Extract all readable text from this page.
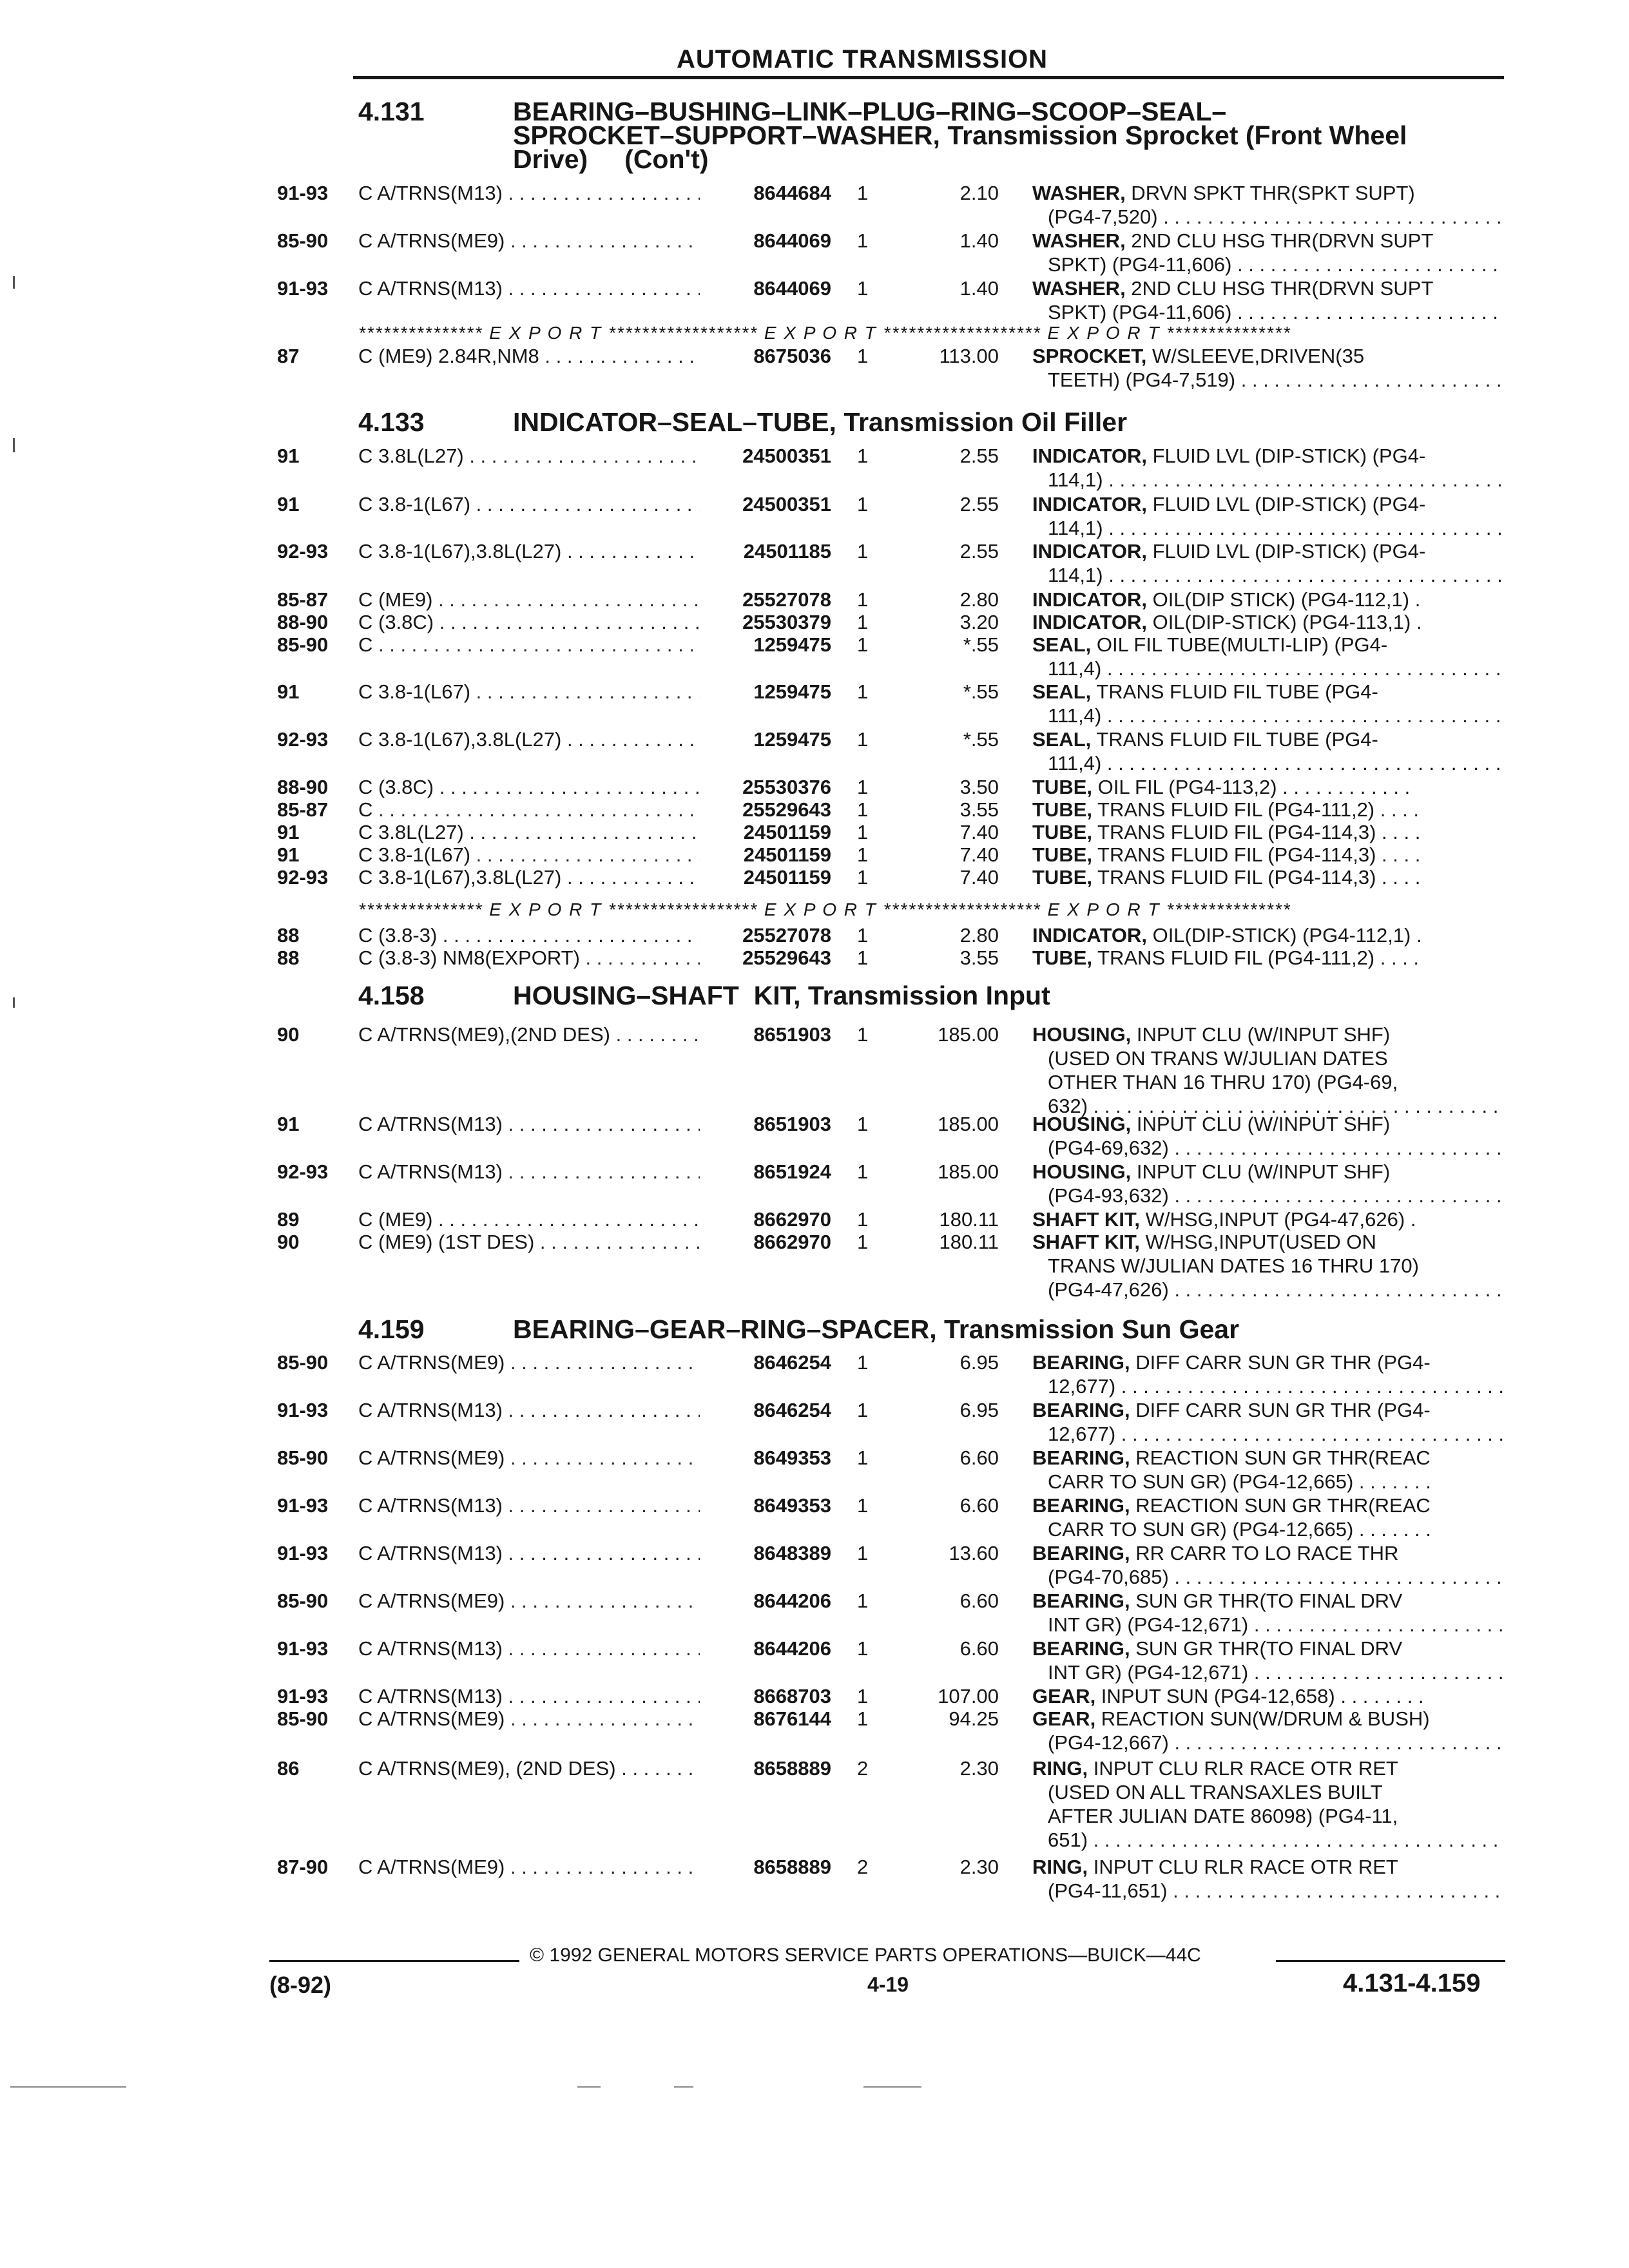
AUTOMATIC TRANSMISSION
4.131	BEARING–BUSHING–LINK–PLUG–RING–SCOOP–SEAL–
SPROCKET–SUPPORT–WASHER, Transmission Sprocket (Front Wheel
Drive)     (Con't)
4.133	INDICATOR–SEAL–TUBE, Transmission Oil Filler
4.158	HOUSING–SHAFT  KIT, Transmission Input
4.159	BEARING–GEAR–RING–SPACER, Transmission Sun Gear
*************** E X P O R T ****************** E X P O R T ******************* E X P O R T ***************
*************** E X P O R T ****************** E X P O R T ******************* E X P O R T ***************
91-93 C A/TRNS(M13) . . .	8644684 1	2.10 WASHER, DRVN SPKT THR(SPKT SUPT)
(PG4-7,520) . . .
85-90 C A/TRNS(ME9) . . .	8644069 1	1.40 WASHER, 2ND CLU HSG THR(DRVN SUPT
SPKT) (PG4-11,606) . . .
91-93 C A/TRNS(M13) . . .	8644069 1	1.40 WASHER, 2ND CLU HSG THR(DRVN SUPT
SPKT) (PG4-11,606) . . .
87	C (ME9) 2.84R,NM8 . . .	8675036 1	113.00 SPROCKET, W/SLEEVE,DRIVEN(35
TEETH) (PG4-7,519) . . .
91	C 3.8L(L27) . . .	24500351 1	2.55 INDICATOR, FLUID LVL (DIP-STICK) (PG4-
114,1) . . .
91	C 3.8-1(L67) . . .	24500351 1	2.55 INDICATOR, FLUID LVL (DIP-STICK) (PG4-
114,1) . . .
92-93 C 3.8-1(L67),3.8L(L27) . . .	24501185 1	2.55 INDICATOR, FLUID LVL (DIP-STICK) (PG4-
114,1) . . .
85-87 C (ME9) . . .	25527078 1	2.80 INDICATOR, OIL(DIP STICK) (PG4-112,1) .
88-90 C (3.8C) . . .	25530379 1	3.20 INDICATOR, OIL(DIP-STICK) (PG4-113,1) .
85-90 C . . .	1259475 1	*.55 SEAL, OIL FIL TUBE(MULTI-LIP) (PG4-
111,4) . . .
91	C 3.8-1(L67) . . .	1259475 1	*.55 SEAL, TRANS FLUID FIL TUBE (PG4-
111,4) . . .
92-93 C 3.8-1(L67),3.8L(L27) . . .	1259475 1	*.55 SEAL, TRANS FLUID FIL TUBE (PG4-
111,4) . . .
88-90 C (3.8C) . . .	25530376 1	3.50 TUBE, OIL FIL (PG4-113,2) . . . . . . . . . . . .
85-87 C . . .	25529643 1	3.55 TUBE, TRANS FLUID FIL (PG4-111,2) . . . .
91	C 3.8L(L27) . . .	24501159 1	7.40 TUBE, TRANS FLUID FIL (PG4-114,3) . . . .
91	C 3.8-1(L67) . . .	24501159 1	7.40 TUBE, TRANS FLUID FIL (PG4-114,3) . . . .
92-93 C 3.8-1(L67),3.8L(L27) . . .	24501159 1	7.40 TUBE, TRANS FLUID FIL (PG4-114,3) . . . .
88	C (3.8-3) . . .	25527078 1	2.80 INDICATOR, OIL(DIP-STICK) (PG4-112,1) .
88	C (3.8-3) NM8(EXPORT) . . .	25529643 1	3.55 TUBE, TRANS FLUID FIL (PG4-111,2) . . . .
90	C A/TRNS(ME9),(2ND DES) . . .	8651903 1	185.00 HOUSING, INPUT CLU (W/INPUT SHF)
(USED ON TRANS W/JULIAN DATES
OTHER THAN 16 THRU 170) (PG4-69,
632) . . .
91	C A/TRNS(M13) . . .	8651903 1	185.00 HOUSING, INPUT CLU (W/INPUT SHF)
(PG4-69,632) . . .
92-93 C A/TRNS(M13) . . .	8651924 1	185.00 HOUSING, INPUT CLU (W/INPUT SHF)
(PG4-93,632) . . .
89	C (ME9) . . .	8662970 1	180.11 SHAFT KIT, W/HSG,INPUT (PG4-47,626) .
90	C (ME9) (1ST DES) . . .	8662970 1	180.11 SHAFT KIT, W/HSG,INPUT(USED ON
TRANS W/JULIAN DATES 16 THRU 170)
(PG4-47,626) . . .
85-90 C A/TRNS(ME9) . . .	8646254 1	6.95 BEARING, DIFF CARR SUN GR THR (PG4-
12,677) . . .
91-93 C A/TRNS(M13) . . .	8646254 1	6.95 BEARING, DIFF CARR SUN GR THR (PG4-
12,677) . . .
85-90 C A/TRNS(ME9) . . .	8649353 1	6.60 BEARING, REACTION SUN GR THR(REAC
CARR TO SUN GR) (PG4-12,665) . . . . . . .
91-93 C A/TRNS(M13) . . .	8649353 1	6.60 BEARING, REACTION SUN GR THR(REAC
CARR TO SUN GR) (PG4-12,665) . . . . . . .
91-93 C A/TRNS(M13) . . .	8648389 1	13.60 BEARING, RR CARR TO LO RACE THR
(PG4-70,685) . . .
85-90 C A/TRNS(ME9) . . .	8644206 1	6.60 BEARING, SUN GR THR(TO FINAL DRV
INT GR) (PG4-12,671) . . .
91-93 C A/TRNS(M13) . . .	8644206 1	6.60 BEARING, SUN GR THR(TO FINAL DRV
INT GR) (PG4-12,671) . . .
91-93 C A/TRNS(M13) . . .	8668703 1	107.00 GEAR, INPUT SUN (PG4-12,658) . . . . . . . .
85-90 C A/TRNS(ME9) . . .	8676144 1	94.25 GEAR, REACTION SUN(W/DRUM & BUSH)
(PG4-12,667) . . .
86	C A/TRNS(ME9), (2ND DES) . . .	8658889 2	2.30 RING, INPUT CLU RLR RACE OTR RET
(USED ON ALL TRANSAXLES BUILT
AFTER JULIAN DATE 86098) (PG4-11,
651) . . .
87-90 C A/TRNS(ME9) . . .	8658889 2	2.30 RING, INPUT CLU RLR RACE OTR RET
(PG4-11,651) . . .
© 1992 GENERAL MOTORS SERVICE PARTS OPERATIONS—BUICK—44C
(8-92)	4-19	4.131-4.159
